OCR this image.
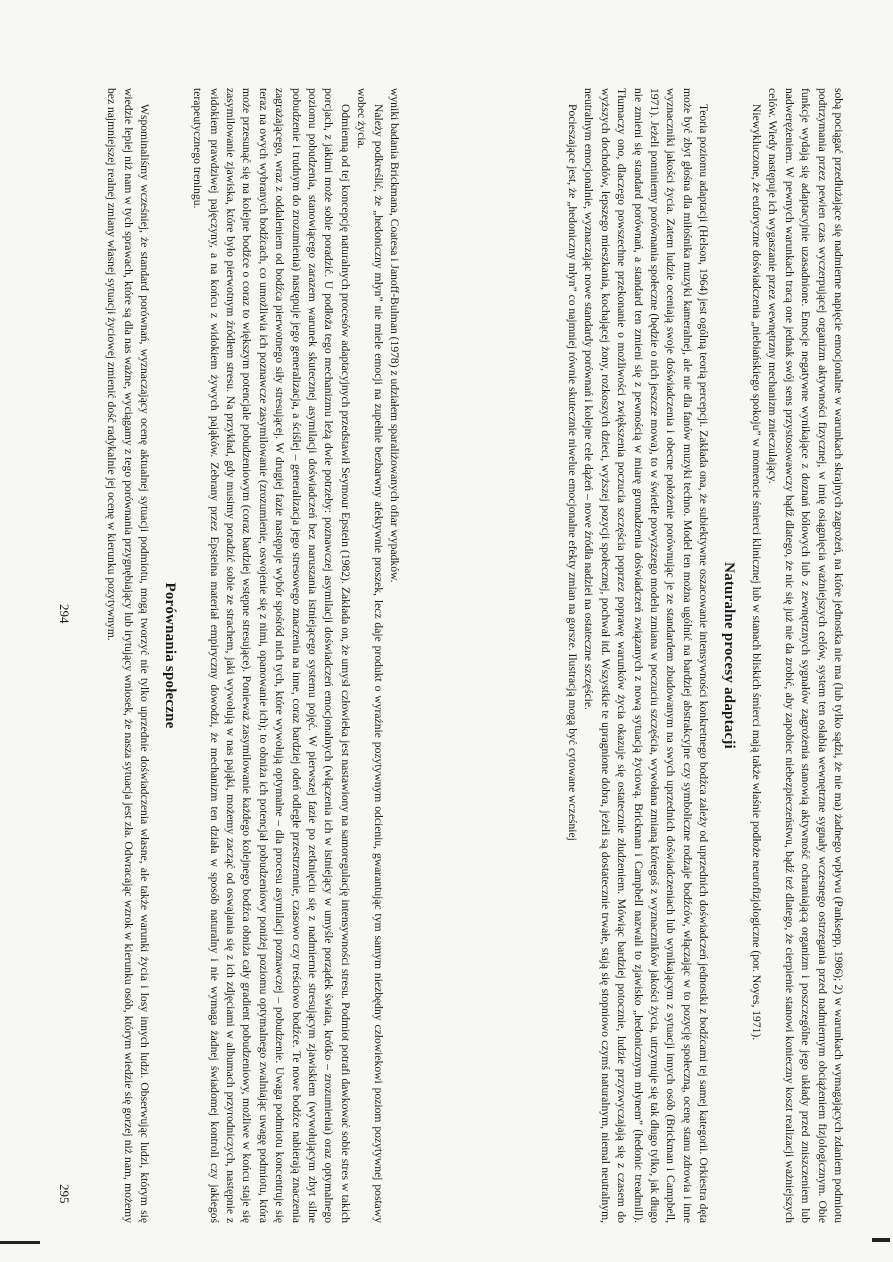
sobą pociągać przedłużające się nadmierne napięcie emocjonalne w warunkach skrajnych zagrożeń, na które jednostka nie ma (lub tylko sądzi, że nie ma) żadnego wpływu (Panksepp, 1986); 2) w warunkach wymagających zdaniem podmiotu podtrzymania przez pewien czas wyczerpującej organizm aktywności fizycznej, w imię osiągnięcia ważniejszych celów, system ten osłabia wewnętrzne sygnały wczesnego ostrzegania przed nadmiernym obciążeniem fizjologicznym. Obie funkcje wydają się adaptacyjnie uzasadnione. Emocje negatywne wynikające z doznań bólowych lub z zewnętrznych sygnałów zagrożenia stanowią aktywność ochraniającą organizm i poszczególne jego układy przed zniszczeniem lub nadwerężeniem. W pewnych warunkach tracą one jednak swój sens przystosowawczy bądź dlatego, że nic się już nie da zrobić, aby zapobiec niebezpieczeństwu, bądź też dlatego, że cierpienie stanowi konieczny koszt realizacji ważniejszych celów. Wiedy następuje ich wygaszanie przez wewnętrzny mechanizm znieczulający.

Niewykluczone, że euforyczne doświadczenia „niebiańskiego spokoju” w momencie śmierci klinicznej lub w stanach bliskich śmierci mają także właśnie podłoże neurofizjologiczne (por. Noyes, 1971).

Naturalne procesy adaptacji

Teoria poziomu adaptacji (Helson, 1964) jest ogólną teorią percepcji. Zakłada ona, że subiektywne oszacowanie intensywności konkretnego bodźca zależy od uprzednich doświadczeń jednostki z bodźcami tej samej kategorii. Orkiestra dęta może być zbyt głośna dla miłośnika muzyki kameralnej, ale nie dla fanów muzyki techno. Model ten można ugólnić na bardziej abstrakcyjne czy symboliczne rodzaje bodźców, włączając w to pozycję społeczną, ocenę stanu zdrowia i inne wyznaczniki jakości życia. Zatem ludzie oceniają swoje doświadczenia i obecne położenie porównując je ze standardem zbudowanym na swych uprzednich doświadczeniach lub wynikającym z sytuacji innych osób (Brickman i Campbell, 1971). Jeżeli pominiemy porównania społeczne (będzie o nich jeszcze mowa), to w świetle powyższego modelu zmiana w poczuciu szczęścia, wywołana zmianą któregoś z wyznaczników jakości życia, utrzymuje się tak długo tylko, jak długo nie zmieni się standard porównań, a standard ten zmieni się z pewnością w miarę gromadzenia doświadczeń związanych z nową sytuacją życiową. Brickman i Campbell nazwali to zjawisko „hedonicznym młynem” (hedonic treadmill). Tłumaczy ono, dlaczego powszechne przekonanie o możliwości zwiększenia poczucia szczęścia poprzez poprawę warunków życia okazuje się ostatecznie złudzeniem. Mówiąc bardziej potocznie, ludzie przyzwyczajają się z czasem do wyższych dochodów, lepszego mieszkania, kochającej żony, rozkoszych dzieci, wyższej pozycji społecznej, pochwał itd. Wszystkie te upragnione dobra, jeżeli są dostatecznie trwałe, stają się stopniowo czymś naturalnym, niemal neutralnym, neutralnym emocjonalnie, wyznaczając nowe standardy porównań i kolejne cele dążeń – nowe źródła nadziei na ostateczne szczęście.

Pocieszające jest, że „hedoniczny młyn” co najmniej równie skutecznie niwelue emocjonalne efekty zmian na gorsze. Ilustracją mogą być cytowane wcześniej

294

wyniki badania Brickmana, Coatesa i Janoff-Bulman (1978) z udziałem sparaliżowanych ofiar wypadków.

Należy podkreślić, że „hedoniczny młyn” nie miele emocji na zupełnie bezbarwny afektywnie proszek, lecz daje produkt o wyraźnie pozytywnym odcieniu, gwarantując tym samym niezbędny człowiekowi poziom pozytywnej postawy wobec życia.

Odmienną od tej koncepcję naturalnych procesów adaptacyjnych przedstawił Seymour Epstein (1982). Zakłada on, że umysł człowieka jest nastawiony na samoregulację intensywności stresu. Podmiot potrafi dawkować sobie stres w takich porcjach, z jakimi może sobie poradzić. U podłoża tego mechanizmu leżą dwie potrzeby: poznawczej asymilacji doświadczeń emocjonalnych (włączenia ich w istniejący w umyśle porządek świata, krótko – zrozumienia) oraz optymalnego poziomu pobudzenia, stanowiącego zarazem warunek skutecznej asymilacji doświadczeń bez naruszania istniejącego systemu pojęć. W pierwszej fazie po zetknięciu się z nadmiernie stresującym zjawiskiem (wywołującym zbyt silne pobudzenie i trudnym do zrozumienia) następuje jego generalizacja, a ściślej – generalizacja jego stresowego znaczenia na inne, coraz bardziej odeń odległe przestrzennie, czasowo czy treściowo bodźce. Te nowe bodźce nabierają znaczenia zagrażającego, wraz z oddaleniem od bodźca pierwotnego siły stresującej. W drugiej fazie następuje wybór spośród nich tych, które wywołują optymalne – dla procesu asymilacji poznawczej – pobudzenie. Uwaga podmiotu koncentruje się teraz na owych wybranych bodźcach, co umożliwia ich poznawcze zasymilowanie (zrozumienie, oswojenie się z nimi, opanowanie ich); to obniża ich potencjał pobudzeniowy poniżej poziomu optymalnego zwalniając uwagę podmiotu, która może przesunąć się na kolejne bodźce o coraz to większym potencjale pobudzeniowym (coraz bardziej wstępne stresujące). Ponieważ zasymilowanie każdego kolejnego bodźca obniża cały gradient pobudzeniowy, możliwe w końcu staje się zasymilowanie zjawiska, które było pierwotnym źródłem stresu. Na przykład, gdy musimy poradzić sobie ze strachem, jaki wywołują w nas pająki, możemy zacząć od oswajania się z ich zdjęciami w albumach przyrodniczych, następnie z widokiem prawdziwej pajęczyny, a na końcu z widokiem żywych pająków. Zebrany przez Epsteina materiał empiryczny dowodzi, że mechanizm ten działa w sposób naturalny i nie wymaga żadnej świadomej kontroli czy jakiegoś terapeutycznego treningu.

Porównania społeczne

Wspominaliśmy wcześniej, że standard porównań, wyznaczający ocenę aktualnej sytuacji podmiotu, mogą tworzyć nie tylko uprzednie doświadczenia własne, ale także warunki życia i losy innych ludzi. Obserwując ludzi, którym się wiedzie lepiej niż nam w tych sprawach, które są dla nas ważne, wyciągamy z tego porównania przygnębiający lub irytujący wniosek, że nasza sytuacja jest zła. Odwracając wzrok w kierunku osób, którym wiedzie się gorzej niż nam, możemy bez najmniejszej realnej zmiany własnej sytuacji życiowej zmienić dość radykalnie jej ocenę w kierunku pozytywnym.

295
